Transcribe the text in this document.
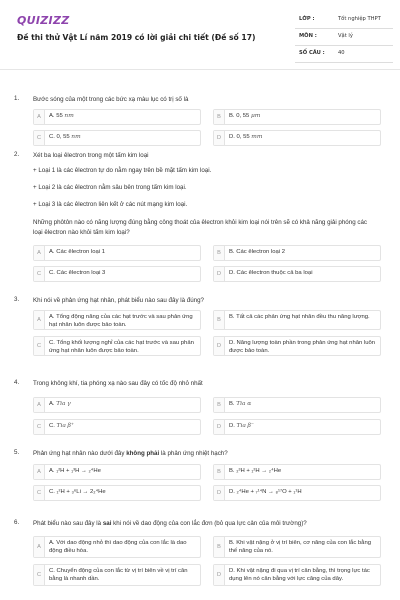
QUIZIZZ
Đề thi thử Vật Lí năm 2019 có lời giải chi tiết (Đề số 17)
LỚP :	Tốt nghiệp THPT
MÔN :	Vật lý
SỐ CÂU :	40
1. Bước sóng của một trong các bức xạ màu lục có trị số là
A	A. 55 nm	B	B. 0, 55 μm
C	C. 0, 55 nm	D	D. 0, 55 mm
2. Xét ba loại êlectron trong một tấm kim loại
+ Loại 1 là các êlectron tự do nằm ngay trên bề mặt tấm kim loại.
+ Loại 2 là các êlectron nằm sâu bên trong tấm kim loại.
+ Loại 3 là các êlectron liên kết ở các nút mạng kim loại.
Những phôtôn nào có năng lượng đúng bằng công thoát của êlectron khỏi kim loại nói trên sẽ có khả năng giải phóng các loại êlectron nào khỏi tấm kim loại?
A	A. Các êlectron loại 1	B	B. Các êlectron loại 2
C	C. Các êlectron loại 3	D	D. Các êlectron thuộc cả ba loại
3. Khi nói về phản ứng hạt nhân, phát biểu nào sau đây là đúng?
A	A. Tổng động năng của các hạt trước và sau phản ứng hạt nhân luôn được bảo toàn.
B	B. Tất cả các phản ứng hạt nhân đều thu năng lượng.
C	C. Tổng khối lượng nghỉ của các hạt trước và sau phản ứng hạt nhân luôn được bảo toàn.
D	D. Năng lượng toàn phần trong phản ứng hạt nhân luôn được bảo toàn.
4. Trong không khí, tia phóng xạ nào sau đây có tốc độ nhỏ nhất
A	A. Tia γ	B	B. Tia α
C	C. Tia β⁺	D	D. Tia β⁻
5. Phản ứng hạt nhân nào dưới đây không phải là phản ứng nhiệt hạch?
A	A. ₁²H + ₁³H → ₂⁴He	B	B. ₂³H + ₁²H → ₂⁴He
C	C. ₁²H + ₃⁶Li → 2₂⁴He	D	D. ₂⁴He + ₇¹⁴N → ₈¹⁷O + ₁¹H
6. Phát biểu nào sau đây là sai khi nói về dao động của con lắc đơn (bỏ qua lực cản của môi trường)?
A
A. Với dao động nhỏ thì dao động của con lắc là dao động điều hòa.
B
B. Khi vật nặng ở vị trí biên, cơ năng của con lắc bằng thế năng của nó.
C
C. Chuyển động của con lắc từ vị trí biên về vị trí cân bằng là nhanh dần.
D
D. Khi vật nặng đi qua vị trí cân bằng, thì trọng lực tác dụng lên nó cân bằng với lực căng của dây.
